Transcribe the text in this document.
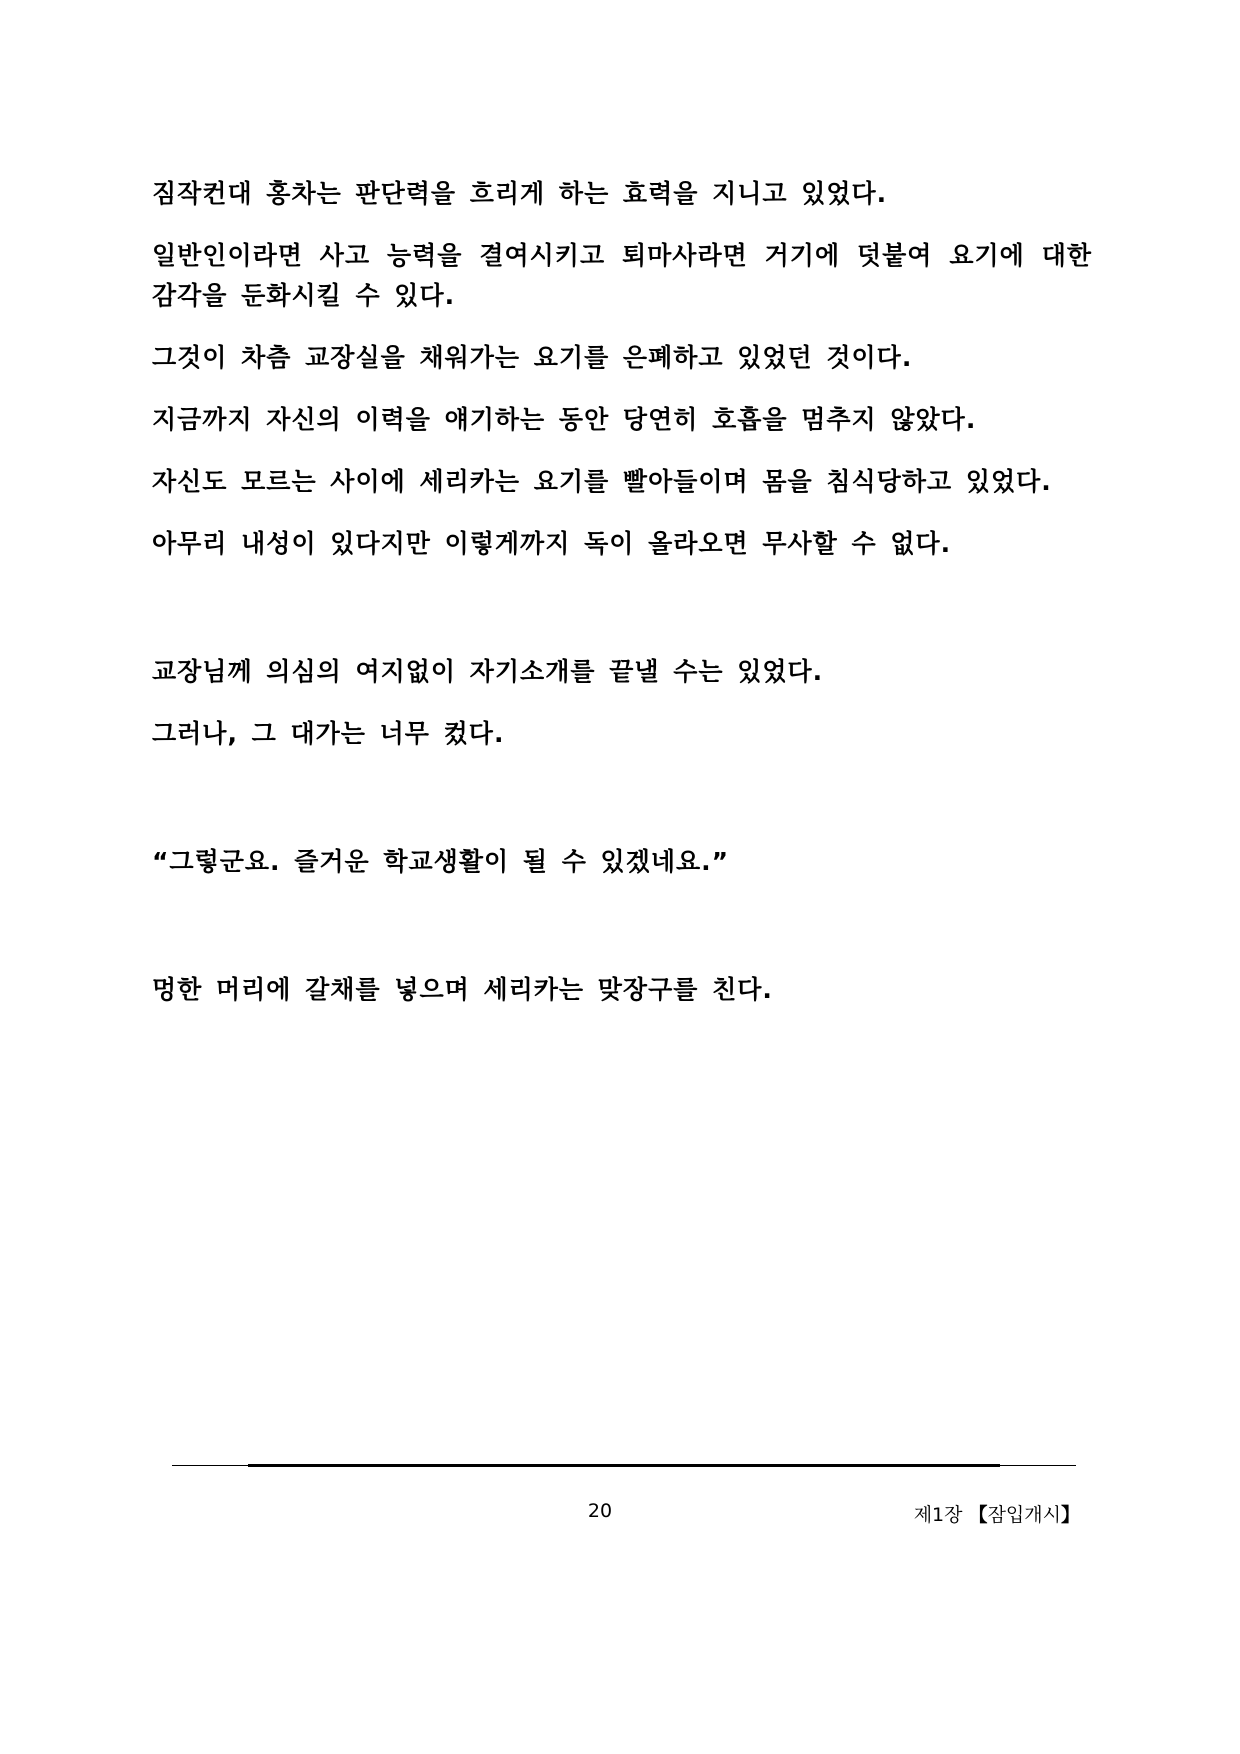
짐작컨대 홍차는 판단력을 흐리게 하는 효력을 지니고 있었다.

일반인이라면 사고 능력을 결여시키고 퇴마사라면 거기에 덧붙여 요기에 대한 감각을 둔화시킬 수 있다.

그것이 차츰 교장실을 채워가는 요기를 은폐하고 있었던 것이다.

지금까지 자신의 이력을 얘기하는 동안 당연히 호흡을 멈추지 않았다.

자신도 모르는 사이에 세리카는 요기를 빨아들이며 몸을 침식당하고 있었다.

아무리 내성이 있다지만 이렇게까지 독이 올라오면 무사할 수 없다.

교장님께 의심의 여지없이 자기소개를 끝낼 수는 있었다.

그러나, 그 대가는 너무 컸다.

“그렇군요. 즐거운 학교생활이 될 수 있겠네요.”

멍한 머리에 갈채를 넣으며 세리카는 맞장구를 친다.

20	제1장 【잠입개시】
